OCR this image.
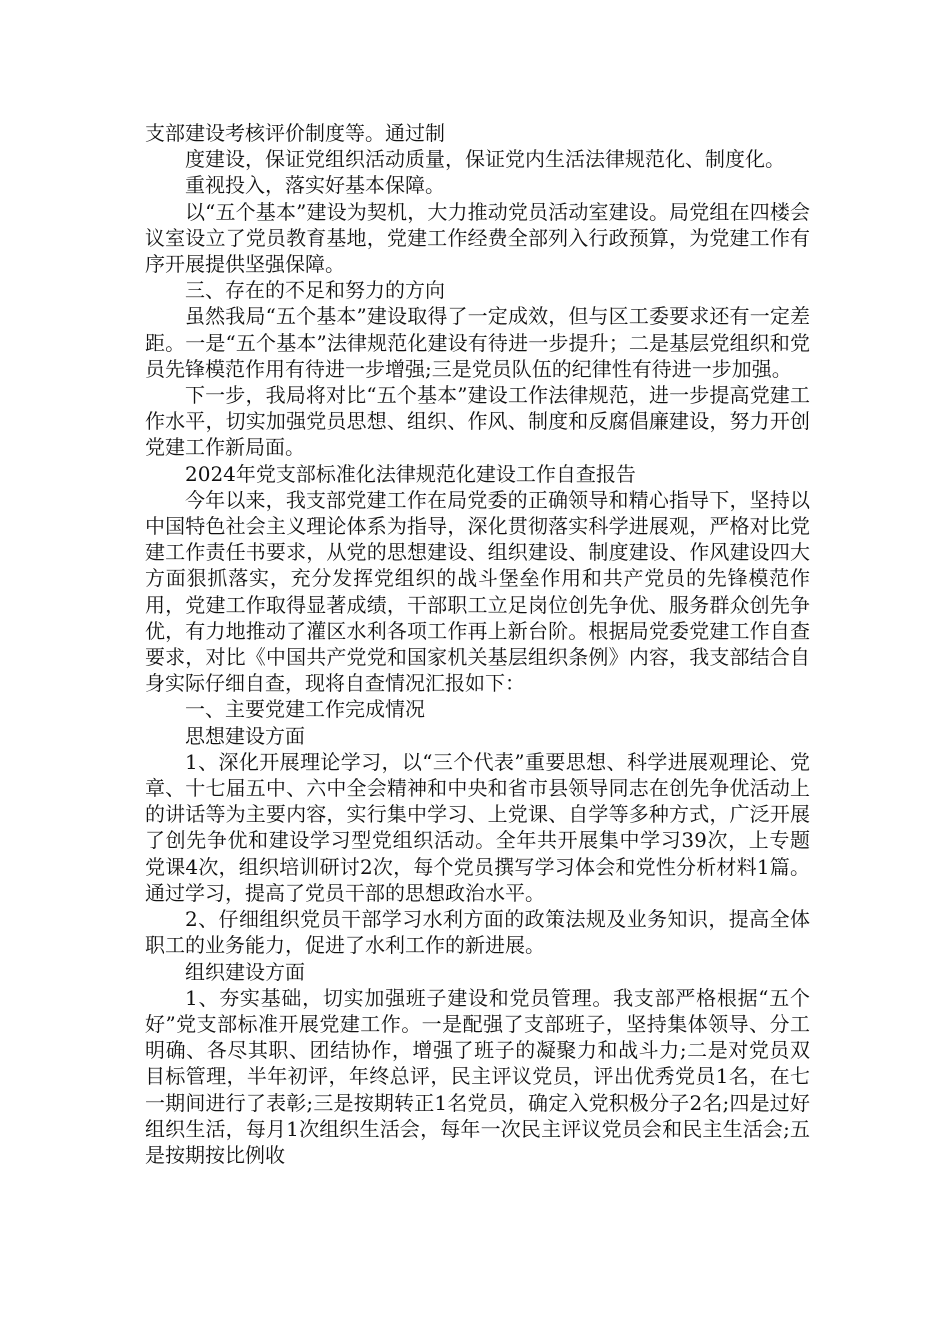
支部建设考核评价制度等。通过制

度建设，保证党组织活动质量，保证党内生活法律规范化、制度化。

重视投入，落实好基本保障。

以“五个基本”建设为契机，大力推动党员活动室建设。局党组在四楼会议室设立了党员教育基地，党建工作经费全部列入行政预算，为党建工作有序开展提供坚强保障。

三、存在的不足和努力的方向

虽然我局“五个基本”建设取得了一定成效，但与区工委要求还有一定差距。一是“五个基本”法律规范化建设有待进一步提升；二是基层党组织和党员先锋模范作用有待进一步增强;三是党员队伍的纪律性有待进一步加强。

下一步，我局将对比“五个基本”建设工作法律规范，进一步提高党建工作水平，切实加强党员思想、组织、作风、制度和反腐倡廉建设，努力开创党建工作新局面。

2024年党支部标准化法律规范化建设工作自查报告

今年以来，我支部党建工作在局党委的正确领导和精心指导下，坚持以中国特色社会主义理论体系为指导，深化贯彻落实科学进展观，严格对比党建工作责任书要求，从党的思想建设、组织建设、制度建设、作风建设四大方面狠抓落实，充分发挥党组织的战斗堡垒作用和共产党员的先锋模范作用，党建工作取得显著成绩，干部职工立足岗位创先争优、服务群众创先争优，有力地推动了灌区水利各项工作再上新台阶。根据局党委党建工作自查要求，对比《中国共产党党和国家机关基层组织条例》内容，我支部结合自身实际仔细自查，现将自查情况汇报如下：

一、主要党建工作完成情况

思想建设方面

1、深化开展理论学习，以“三个代表”重要思想、科学进展观理论、党章、十七届五中、六中全会精神和中央和省市县领导同志在创先争优活动上的讲话等为主要内容，实行集中学习、上党课、自学等多种方式，广泛开展了创先争优和建设学习型党组织活动。全年共开展集中学习39次，上专题党课4次，组织培训研讨2次，每个党员撰写学习体会和党性分析材料1篇。通过学习，提高了党员干部的思想政治水平。

2、仔细组织党员干部学习水利方面的政策法规及业务知识，提高全体职工的业务能力，促进了水利工作的新进展。

组织建设方面

1、夯实基础，切实加强班子建设和党员管理。我支部严格根据“五个好”党支部标准开展党建工作。一是配强了支部班子，坚持集体领导、分工明确、各尽其职、团结协作，增强了班子的凝聚力和战斗力;二是对党员双目标管理，半年初评，年终总评，民主评议党员，评出优秀党员1名，在七一期间进行了表彰;三是按期转正1名党员，确定入党积极分子2名;四是过好组织生活，每月1次组织生活会，每年一次民主评议党员会和民主生活会;五是按期按比例收
